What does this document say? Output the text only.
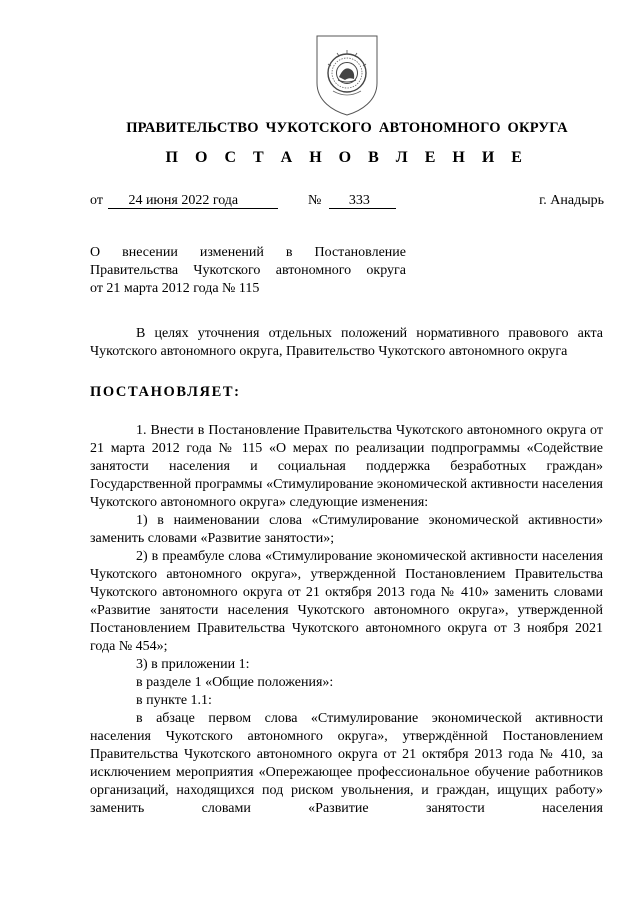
ПРАВИТЕЛЬСТВО ЧУКОТСКОГО АВТОНОМНОГО ОКРУГА
П О С Т А Н О В Л Е Н И Е
от 24 июня 2022 года	№ 333	г. Анадырь
О внесении изменений в Постановление
Правительства Чукотского автономного округа
от 21 марта 2012 года № 115
В целях уточнения отдельных положений нормативного правового акта Чукотского автономного округа, Правительство Чукотского автономного округа
ПОСТАНОВЛЯЕТ:
1. Внести в Постановление Правительства Чукотского автономного округа от 21 марта 2012 года № 115 «О мерах по реализации подпрограммы «Содействие занятости населения и социальная поддержка безработных граждан» Государственной программы «Стимулирование экономической активности населения Чукотского автономного округа» следующие изменения:
1) в наименовании слова «Стимулирование экономической активности» заменить словами «Развитие занятости»;
2) в преамбуле слова «Стимулирование экономической активности населения Чукотского автономного округа», утвержденной Постановлением Правительства Чукотского автономного округа от 21 октября 2013 года № 410» заменить словами «Развитие занятости населения Чукотского автономного округа», утвержденной Постановлением Правительства Чукотского автономного округа от 3 ноября 2021 года № 454»;
3) в приложении 1:
в разделе 1 «Общие положения»:
в пункте 1.1:
в абзаце первом слова «Стимулирование экономической активности населения Чукотского автономного округа», утверждённой Постановлением Правительства Чукотского автономного округа от 21 октября 2013 года № 410, за исключением мероприятия «Опережающее профессиональное обучение работников организаций, находящихся под риском увольнения, и граждан, ищущих работу» заменить словами «Развитие занятости населения
